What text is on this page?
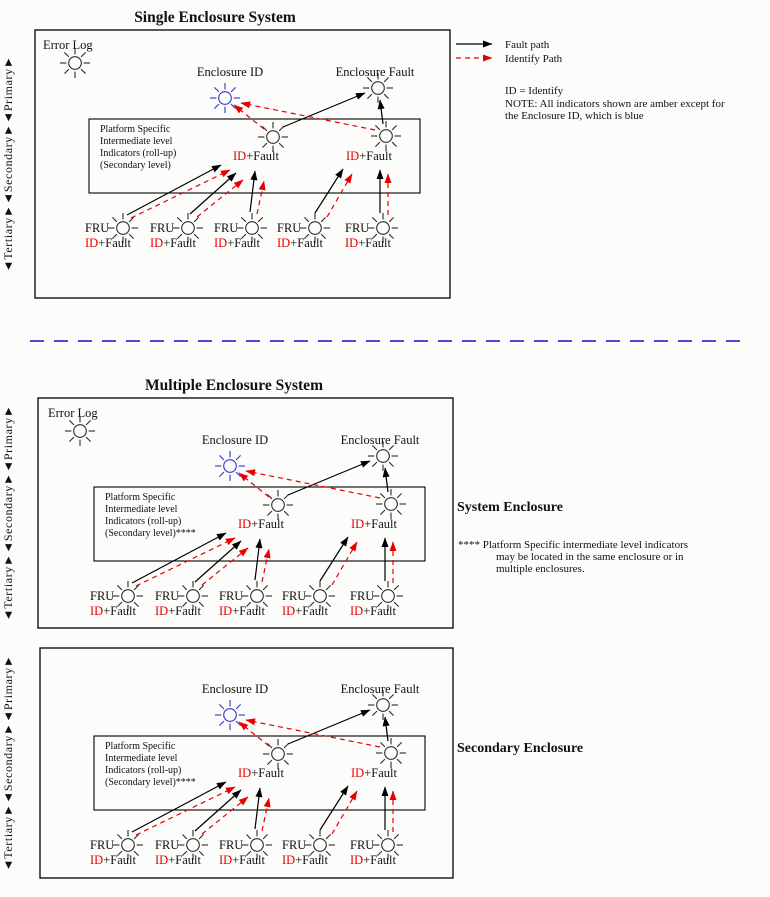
◄Tertiary►◄Secondary►◄Primary►
Single Enclosure System
Error Log
Enclosure ID	Enclosure Fault
Platform Specific
Intermediate level
Indicators (roll-up)
(Secondary level)
ID+Fault	ID+Fault
FRU
ID+Fault
FRU
ID+Fault
FRU
ID+Fault
FRU
ID+Fault
FRU
ID+Fault
◄Tertiary►◄Secondary►◄Primary►
Multiple Enclosure System
Error Log
Enclosure ID	Enclosure Fault
Platform Specific
Intermediate level
Indicators (roll-up)
(Secondary level)****
ID+Fault	ID+Fault
FRU
ID+Fault
FRU
ID+Fault
FRU
ID+Fault
FRU
ID+Fault
FRU
ID+Fault
System Enclosure
◄Tertiary►◄Secondary►◄Primary►	Enclosure ID	Enclosure Fault
Platform Specific
Intermediate level
Indicators (roll-up)
(Secondary level)****
ID+Fault	ID+Fault
FRU
ID+Fault
FRU
ID+Fault
FRU
ID+Fault
FRU
ID+Fault
FRU
ID+Fault
Secondary Enclosure
Fault path
Identify Path
ID = Identify
NOTE: All indicators shown are amber except for
the Enclosure ID, which is blue
**** Platform Specific intermediate level indicators
may be located in the same enclosure or in
multiple enclosures.
